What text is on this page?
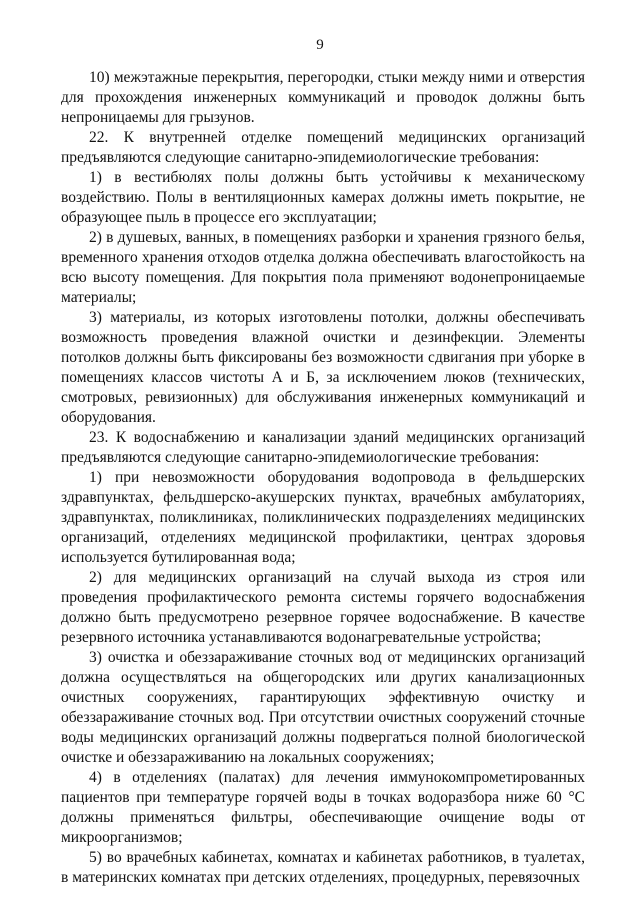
9

10) межэтажные перекрытия, перегородки, стыки между ними и отверстия для прохождения инженерных коммуникаций и проводок должны быть непроницаемы для грызунов.

22. К внутренней отделке помещений медицинских организаций предъявляются следующие санитарно-эпидемиологические требования:

1) в вестибюлях полы должны быть устойчивы к механическому воздействию. Полы в вентиляционных камерах должны иметь покрытие, не образующее пыль в процессе его эксплуатации;

2) в душевых, ванных, в помещениях разборки и хранения грязного белья, временного хранения отходов отделка должна обеспечивать влагостойкость на всю высоту помещения. Для покрытия пола применяют водонепроницаемые материалы;

3) материалы, из которых изготовлены потолки, должны обеспечивать возможность проведения влажной очистки и дезинфекции. Элементы потолков должны быть фиксированы без возможности сдвигания при уборке в помещениях классов чистоты А и Б, за исключением люков (технических, смотровых, ревизионных) для обслуживания инженерных коммуникаций и оборудования.

23. К водоснабжению и канализации зданий медицинских организаций предъявляются следующие санитарно-эпидемиологические требования:

1) при невозможности оборудования водопровода в фельдшерских здравпунктах, фельдшерско-акушерских пунктах, врачебных амбулаториях, здравпунктах, поликлиниках, поликлинических подразделениях медицинских организаций, отделениях медицинской профилактики, центрах здоровья используется бутилированная вода;

2) для медицинских организаций на случай выхода из строя или проведения профилактического ремонта системы горячего водоснабжения должно быть предусмотрено резервное горячее водоснабжение. В качестве резервного источника устанавливаются водонагревательные устройства;

3) очистка и обеззараживание сточных вод от медицинских организаций должна осуществляться на общегородских или других канализационных очистных сооружениях, гарантирующих эффективную очистку и обеззараживание сточных вод. При отсутствии очистных сооружений сточные воды медицинских организаций должны подвергаться полной биологической очистке и обеззараживанию на локальных сооружениях;

4) в отделениях (палатах) для лечения иммунокомпрометированных пациентов при температуре горячей воды в точках водоразбора ниже 60 °С должны применяться фильтры, обеспечивающие очищение воды от микроорганизмов;

5) во врачебных кабинетах, комнатах и кабинетах работников, в туалетах, в материнских комнатах при детских отделениях, процедурных, перевязочных
